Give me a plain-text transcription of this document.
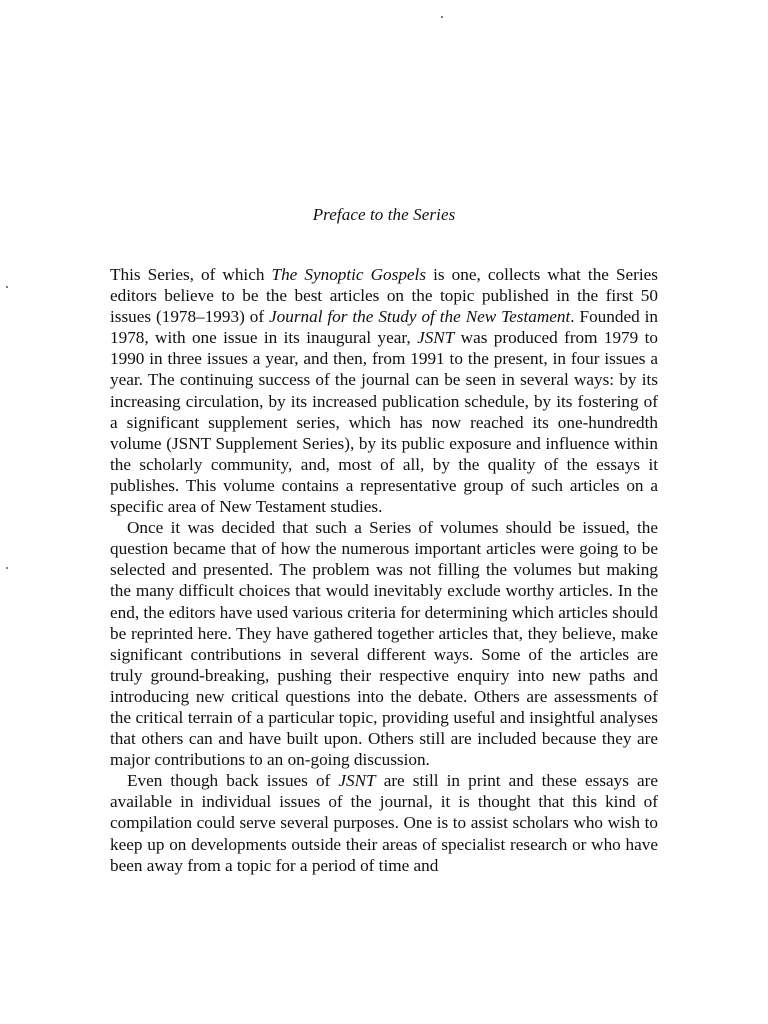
Preface to the Series

This Series, of which The Synoptic Gospels is one, collects what the Series editors believe to be the best articles on the topic published in the first 50 issues (1978–1993) of Journal for the Study of the New Testament. Founded in 1978, with one issue in its inaugural year, JSNT was produced from 1979 to 1990 in three issues a year, and then, from 1991 to the present, in four issues a year. The continuing success of the journal can be seen in several ways: by its increasing circulation, by its increased publication schedule, by its fostering of a significant supplement series, which has now reached its one-hundredth volume (JSNT Supplement Series), by its public exposure and influence within the scholarly community, and, most of all, by the quality of the essays it publishes. This volume contains a representative group of such articles on a specific area of New Testament studies.

Once it was decided that such a Series of volumes should be issued, the question became that of how the numerous important articles were going to be selected and presented. The problem was not filling the volumes but making the many difficult choices that would inevitably exclude worthy articles. In the end, the editors have used various criteria for determining which articles should be reprinted here. They have gathered together articles that, they believe, make significant contributions in several different ways. Some of the articles are truly ground-breaking, pushing their respective enquiry into new paths and introducing new critical questions into the debate. Others are assessments of the critical terrain of a particular topic, providing useful and insightful analyses that others can and have built upon. Others still are included because they are major contributions to an on-going discussion.

Even though back issues of JSNT are still in print and these essays are available in individual issues of the journal, it is thought that this kind of compilation could serve several purposes. One is to assist scholars who wish to keep up on developments outside their areas of specialist research or who have been away from a topic for a period of time and
